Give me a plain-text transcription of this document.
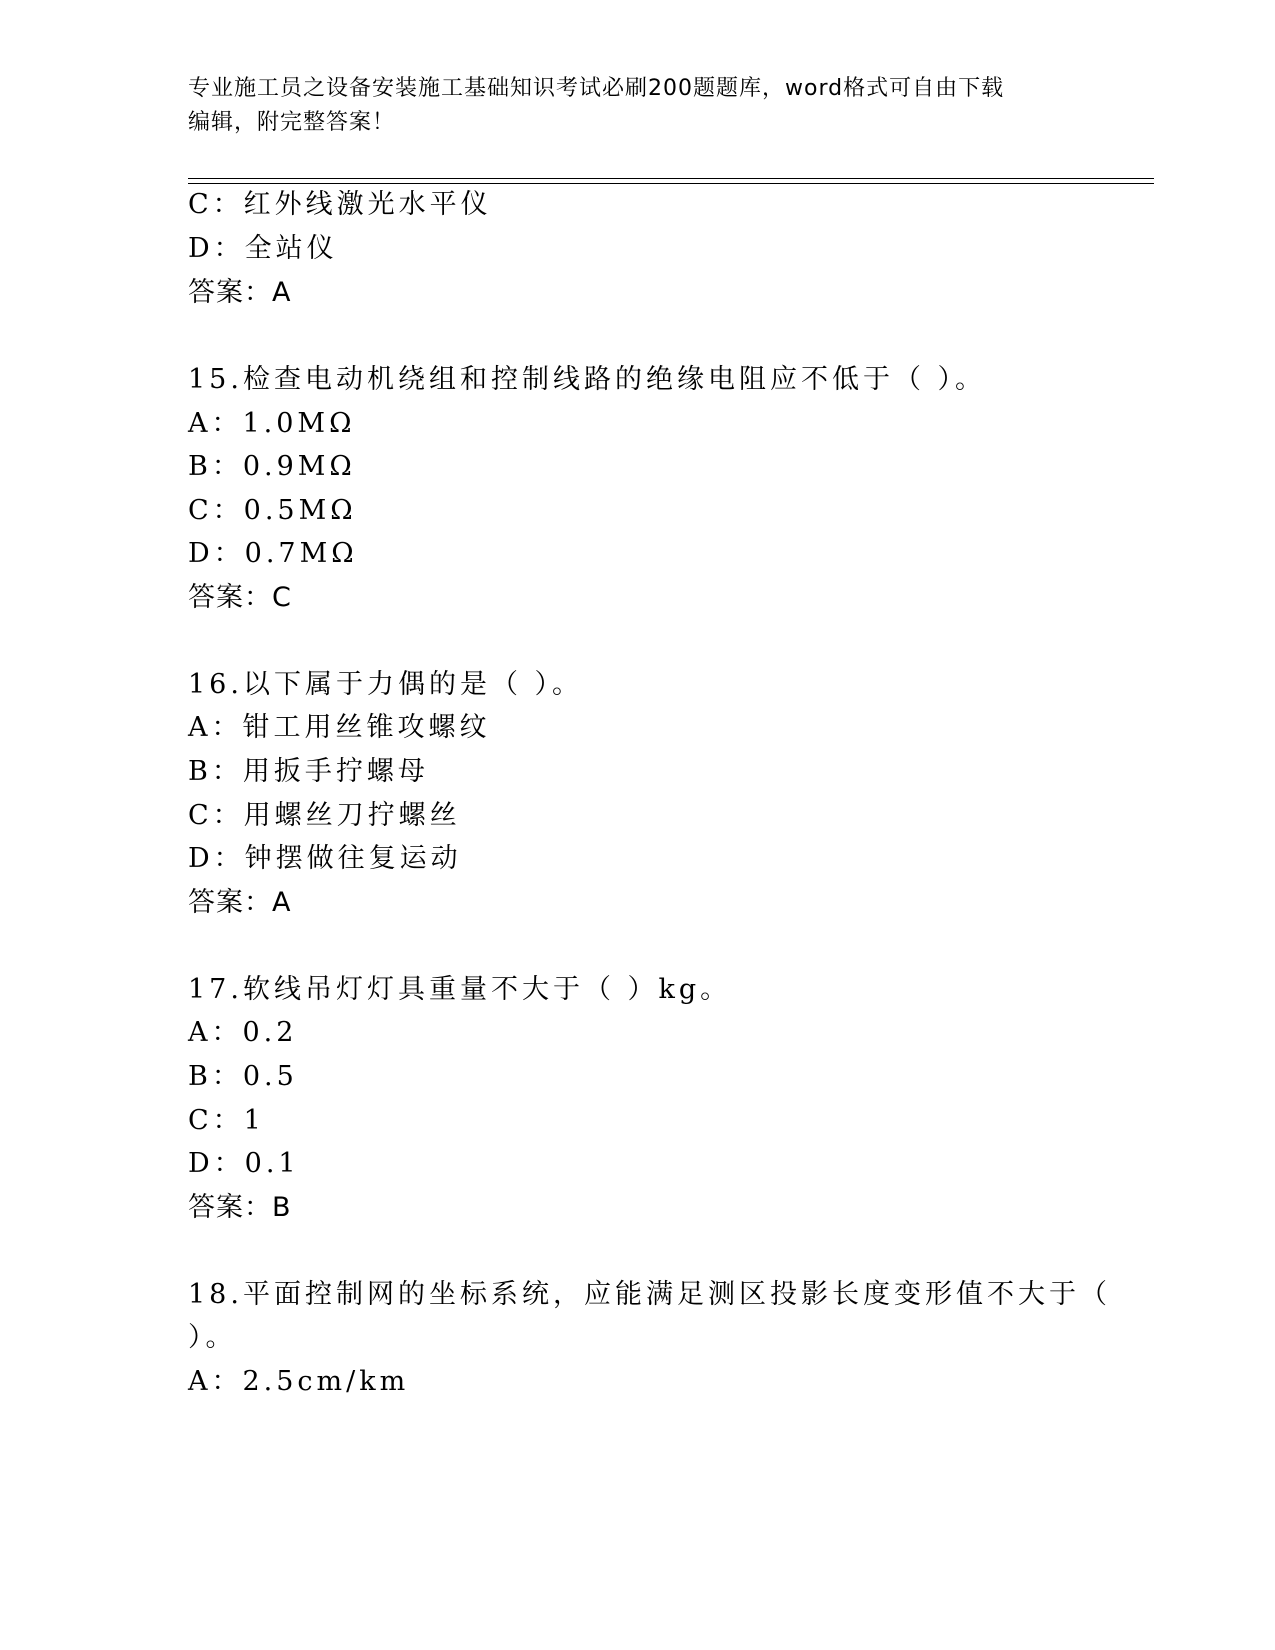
专业施工员之设备安装施工基础知识考试必刷200题题库，word格式可自由下载
编辑，附完整答案！
C：红外线激光水平仪
D：全站仪
答案：A
15.检查电动机绕组和控制线路的绝缘电阻应不低于（ ）。
A：1.0MΩ
B：0.9MΩ
C：0.5MΩ
D：0.7MΩ
答案：C
16.以下属于力偶的是（ ）。
A：钳工用丝锥攻螺纹
B：用扳手拧螺母
C：用螺丝刀拧螺丝
D：钟摆做往复运动
答案：A
17.软线吊灯灯具重量不大于（ ）kg。
A：0.2
B：0.5
C：1
D：0.1
答案：B
18.平面控制网的坐标系统，应能满足测区投影长度变形值不大于（
）。
A：2.5cm/km
